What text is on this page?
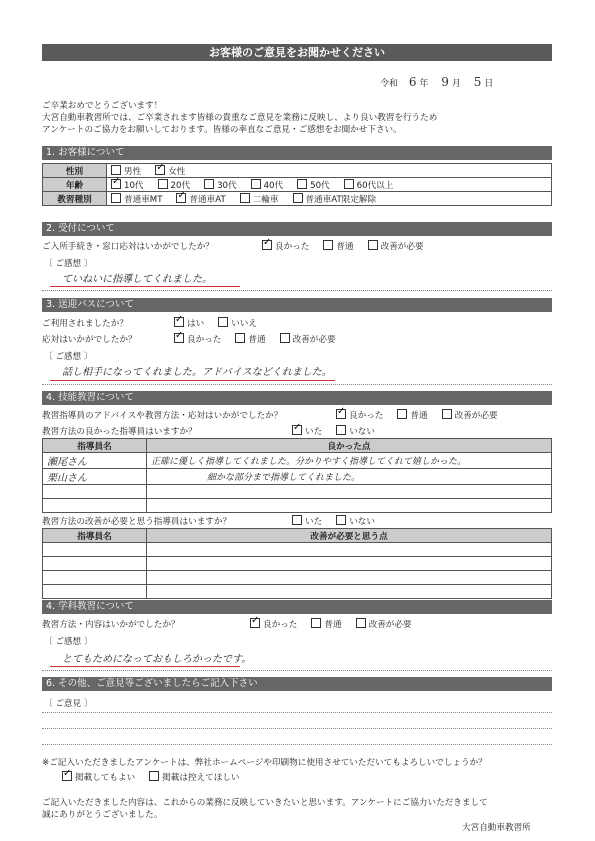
お客様のご意見をお聞かせください
令和 6 年 9 月 5 日
ご卒業おめでとうございます！
大宮自動車教習所では、ご卒業されます皆様の貴重なご意見を業務に反映し、より良い教習を行うため
アンケートのご協力をお願いしております。皆様の率直なご意見・ご感想をお聞かせ下さい。
1. お客様について
性別	男性 ✓ 女性
年齢	✓10代 20代 30代 40代 50代 60代以上
教習種別	普通車MT ✓ 普通車AT 二輪車 普通車AT限定解除
2. 受付について
ご入所手続き・窓口応対はいかがでしたか？ ✓	良かった	普通	改善が必要
〔 ご感想 〕
ていねいに指導してくれました。
3. 送迎バスについて
ご利用されましたか？ ✓	はい	いいえ
応対はいかがでしたか？ ✓	良かった	普通	改善が必要
〔 ご感想 〕
話し相手になってくれました。アドバイスなどくれました。
4. 技能教習について
教習指導員のアドバイスや教習方法・応対はいかがでしたか？ ✓	良かった	普通	改善が必要
教習方法の良かった指導員はいますか？ ✓	いた	いない
指導員名	良かった点
瀬尾さん	正確に優しく指導してくれました。分かりやすく指導してくれて嬉しかった。
栗山さん	細かな部分まで指導してくれました。

教習方法の改善が必要と思う指導員はいますか？	いた	いない
指導員名	改善が必要と思う点

4. 学科教習について
教習方法・内容はいかがでしたか？ ✓	良かった	普通	改善が必要
〔 ご感想 〕
とてもためになっておもしろかったです。
6. その他、ご意見等ございましたらご記入下さい
〔 ご意見 〕
※ご記入いただきましたアンケートは、弊社ホームページや印刷物に使用させていただいてもよろしいでしょうか？
✓掲載してもよい	掲載は控えてほしい
ご記入いただきました内容は、これからの業務に反映していきたいと思います。アンケートにご協力いただきまして
誠にありがとうございました。
大宮自動車教習所
